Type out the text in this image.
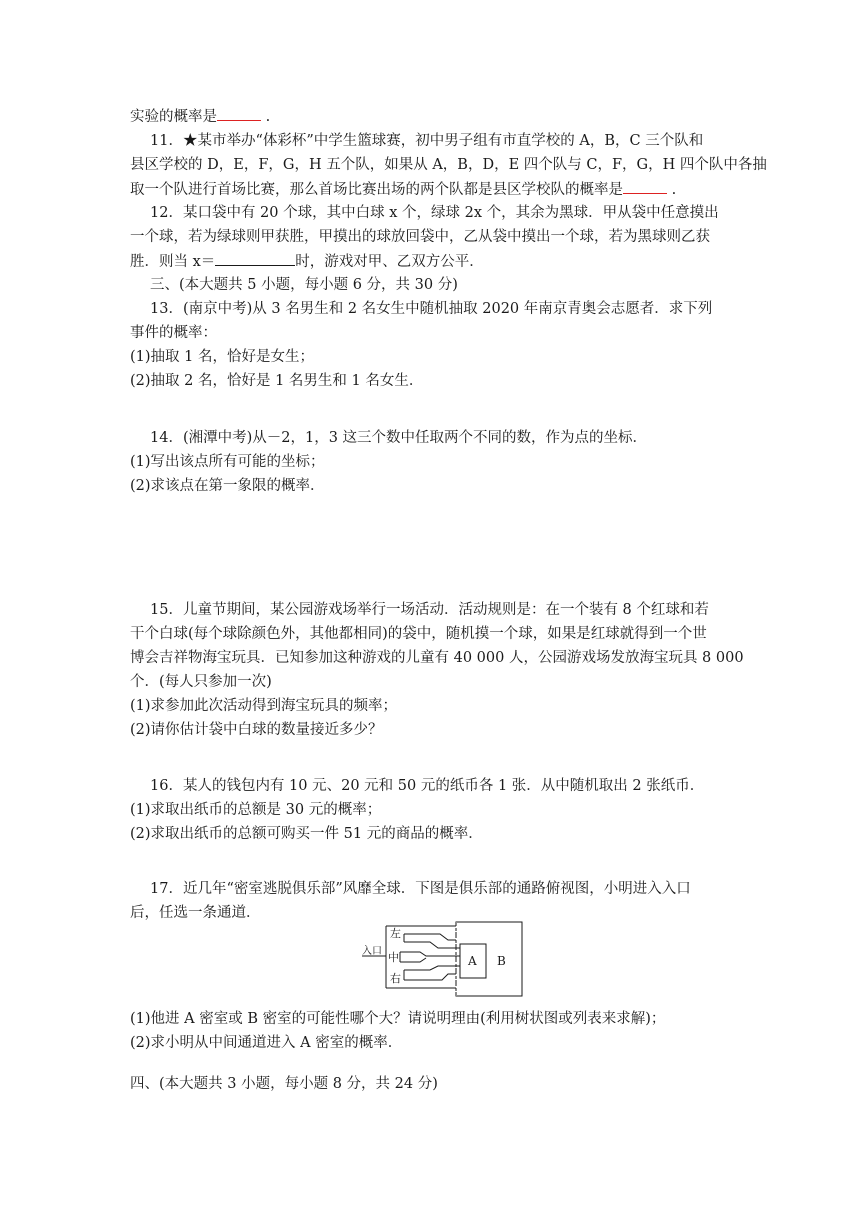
实验的概率是	.
11．★某市举办“体彩杯”中学生篮球赛，初中男子组有市直学校的 A，B，C 三个队和
县区学校的 D，E，F，G，H 五个队，如果从 A，B，D，E 四个队与 C，F，G，H 四个队中各抽
取一个队进行首场比赛，那么首场比赛出场的两个队都是县区学校队的概率是	.
12．某口袋中有 20 个球，其中白球 x 个，绿球 2x 个，其余为黑球．甲从袋中任意摸出
一个球，若为绿球则甲获胜，甲摸出的球放回袋中，乙从袋中摸出一个球，若为黑球则乙获
胜．则当 x＝	时，游戏对甲、乙双方公平．
三、(本大题共 5 小题，每小题 6 分，共 30 分)
13．(南京中考)从 3 名男生和 2 名女生中随机抽取 2020 年南京青奥会志愿者．求下列
事件的概率：
(1)抽取 1 名，恰好是女生；
(2)抽取 2 名，恰好是 1 名男生和 1 名女生．
14．(湘潭中考)从－2，1，3 这三个数中任取两个不同的数，作为点的坐标．
(1)写出该点所有可能的坐标；
(2)求该点在第一象限的概率．
15．儿童节期间，某公园游戏场举行一场活动．活动规则是：在一个装有 8 个红球和若
干个白球(每个球除颜色外，其他都相同)的袋中，随机摸一个球，如果是红球就得到一个世
博会吉祥物海宝玩具．已知参加这种游戏的儿童有 40 000 人，公园游戏场发放海宝玩具 8 000
个．(每人只参加一次)
(1)求参加此次活动得到海宝玩具的频率；
(2)请你估计袋中白球的数量接近多少？
16．某人的钱包内有 10 元、20 元和 50 元的纸币各 1 张．从中随机取出 2 张纸币．
(1)求取出纸币的总额是 30 元的概率；
(2)求取出纸币的总额可购买一件 51 元的商品的概率．
17．近几年“密室逃脱俱乐部”风靡全球．下图是俱乐部的通路俯视图，小明进入入口
后，任选一条通道．
左
中
右
入口
A B
(1)他进 A 密室或 B 密室的可能性哪个大？请说明理由(利用树状图或列表来求解)；
(2)求小明从中间通道进入 A 密室的概率．
四、(本大题共 3 小题，每小题 8 分，共 24 分)
